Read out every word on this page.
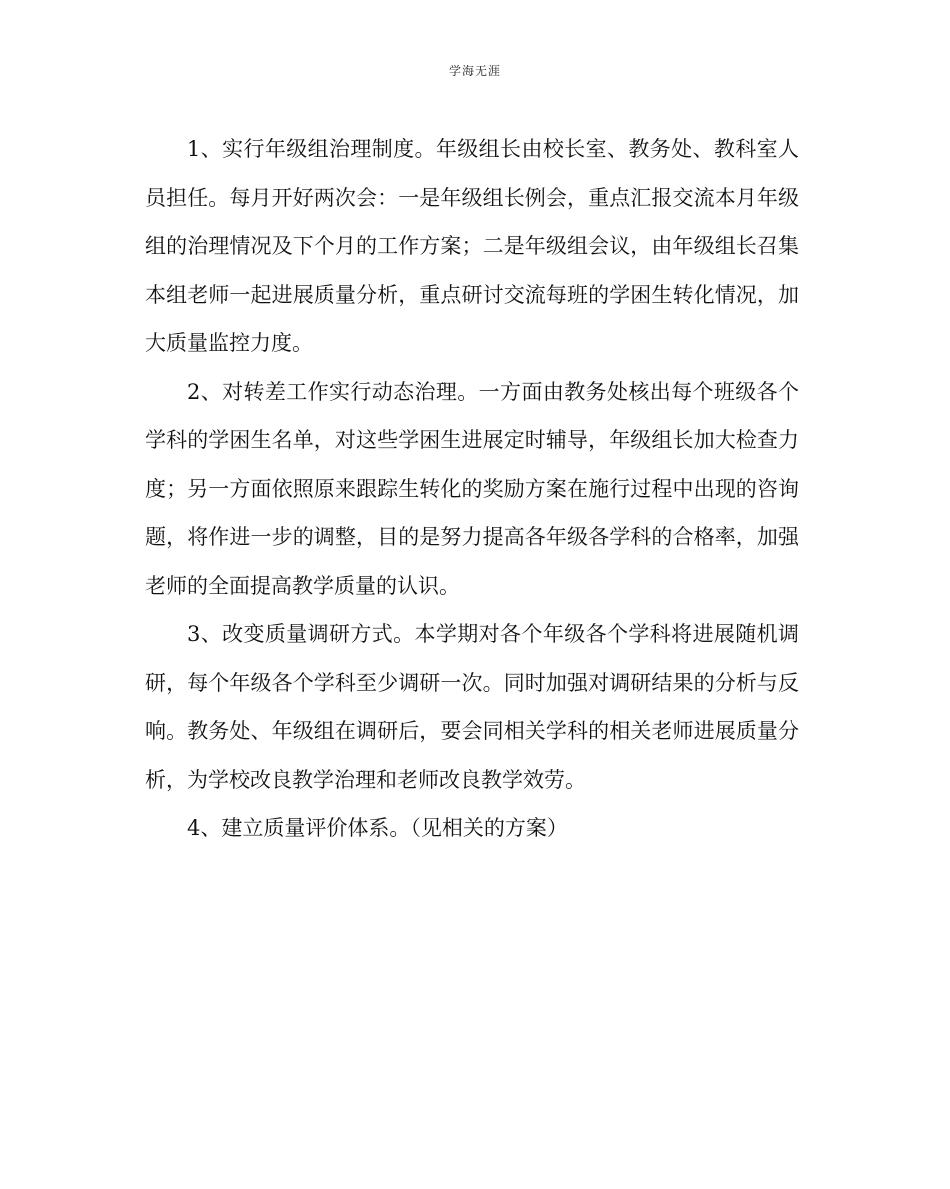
学海无涯

1、实行年级组治理制度。年级组长由校长室、教务处、教科室人员担任。每月开好两次会：一是年级组长例会，重点汇报交流本月年级组的治理情况及下个月的工作方案；二是年级组会议，由年级组长召集本组老师一起进展质量分析，重点研讨交流每班的学困生转化情况，加大质量监控力度。

2、对转差工作实行动态治理。一方面由教务处核出每个班级各个学科的学困生名单，对这些学困生进展定时辅导，年级组长加大检查力度；另一方面依照原来跟踪生转化的奖励方案在施行过程中出现的咨询题，将作进一步的调整，目的是努力提高各年级各学科的合格率，加强老师的全面提高教学质量的认识。

3、改变质量调研方式。本学期对各个年级各个学科将进展随机调研，每个年级各个学科至少调研一次。同时加强对调研结果的分析与反响。教务处、年级组在调研后，要会同相关学科的相关老师进展质量分析，为学校改良教学治理和老师改良教学效劳。

4、建立质量评价体系。（见相关的方案）
